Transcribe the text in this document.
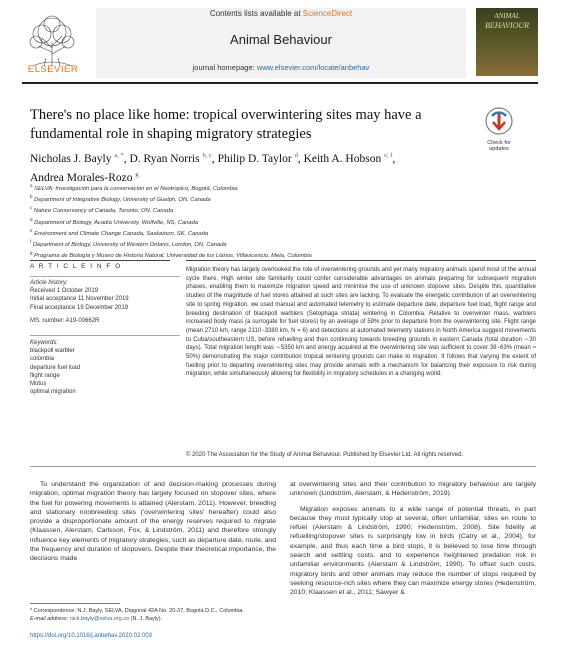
ELSEVIER
Contents lists available at ScienceDirect
Animal Behaviour
journal homepage: www.elsevier.com/locate/anbehav
ANIMAL
BEHAVIOUR
There's no place like home: tropical overwintering sites may have a fundamental role in shaping migratory strategies
Check for
updates
Nicholas J. Bayly $^{a, *}$, D. Ryan Norris $^{b, c}$, Philip D. Taylor $^d$, Keith A. Hobson $^{e, f}$,
Andrea Morales-Rozo $^g$
$^a$ SELVA: Investigación para la conservación en el Neotropico, Bogotá, Colombia
$^b$ Department of Integrative Biology, University of Guelph, ON, Canada
$^c$ Nature Conservancy of Canada, Toronto, ON, Canada
$^d$ Department of Biology, Acadia University, Wolfville, NS, Canada
$^e$ Environment and Climate Change Canada, Saskatoon, SK, Canada
$^f$ Department of Biology, University of Western Ontario, London, ON, Canada
$^g$ Programa de Biología y Museo de Historia Natural, Universidad de los Llanos, Villavicencio, Meta, Colombia
A R T I C L E I N F O
Article history:
Received 1 October 2019
Initial acceptance 11 November 2019
Final acceptance 19 December 2019
MS. number: A19-00662R
Keywords:
blackpoll warbler
colombia
departure fuel load
flight range
Motus
optimal migration
Migration theory has largely overlooked the role of overwintering grounds and yet many migratory animals spend most of the annual cycle there. High winter site familiarity could confer considerable advantages on animals preparing for subsequent migration phases, enabling them to maximize migration speed and minimise the use of unknown stopover sites. Despite this, quantitative studies of the magnitude of fuel stores attained at such sites are lacking. To evaluate the energetic contribution of an overwintering site to spring migration, we used manual and automated telemetry to estimate departure date, departure fuel load, flight range and breeding destination of blackpoll warblers (Setophaga striata) wintering in Colombia. Relative to overwinter mass, warblers increased body mass (a surrogate for fuel stores) by an average of 59% prior to departure from the overwintering site. Flight range (mean 2710 km, range 2110−3380 km, N = 6) and detections at automated telemetry stations in North America suggest movements to Cuba/southeastern US, before refuelling and then continuing towards breeding grounds in eastern Canada (total duration ∼30 days). Total migration length was ∼5350 km and energy acquired at the overwintering site was sufficient to cover 39−63% (mean ≈ 50%) demonstrating the major contribution tropical wintering grounds can make to migration. It follows that varying the extent of fuelling prior to departing overwintering sites may provide animals with a mechanism for balancing their exposure to risk during migration, while simultaneously allowing for flexibility in migratory schedules in a changing world.
© 2020 The Association for the Study of Animal Behaviour. Published by Elsevier Ltd. All rights reserved.

To understand the organization of and decision-making processes during migration, optimal migration theory has largely focused on stopover sites, where the fuel for powering movements is attained (Alerstam, 2011). However, breeding and stationary nonbreeding sites ('overwintering sites' hereafter) could also provide a disproportionate amount of the energy reserves required to migrate (Klaassen, Alerstam, Carlsson, Fox, & Lindström, 2011) and therefore strongly influence key elements of migratory strategies, such as departure date, route, and the frequency and duration of stopovers. Despite their theoretical importance, the decisions made

at overwintering sites and their contribution to migratory behaviour are largely unknown (Lindström, Alerstam, & Hedenström, 2019).

Migration exposes animals to a wide range of potential threats, in part because they must typically stop at several, often unfamiliar, sites en route to refuel (Alerstam & Lindström, 1990; Hedenström, 2008). Site fidelity at refuelling/stopover sites is surprisingly low in birds (Catry et al., 2004), for example, and thus each time a bird stops, it is believed to lose time through search and settling costs, and to experience heightened predation risk in unfamiliar environments (Alerstam & Lindström, 1990). To offset such costs, migratory birds and other animals may reduce the number of stops required by seeking resource-rich sites where they can maximize energy stores (Hedenström, 2010; Klaassen et al., 2011; Sawyer &

* Correspondence: N.J. Bayly, SELVA, Diagonal 42A No. 20-37, Bogotá D.C., Colombia.
E-mail address: nick.bayly@selva.org.co (N. J. Bayly).
https://doi.org/10.1016/j.anbehav.2020.02.003
